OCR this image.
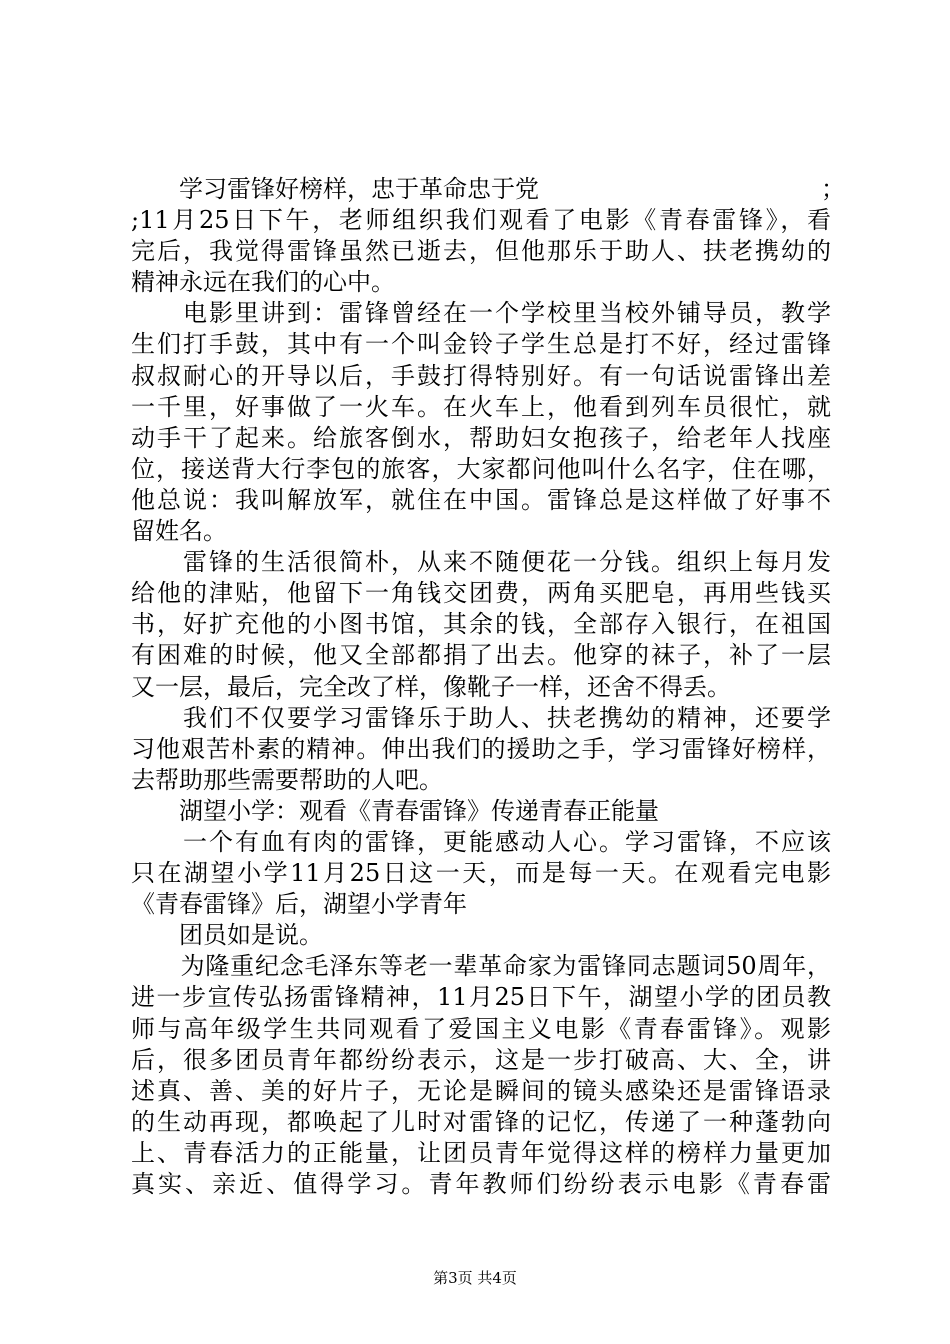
　　学习雷锋好榜样，忠于革命忠于党	；
;11月25日下午，老师组织我们观看了电影《青春雷锋》，看
完后，我觉得雷锋虽然已逝去，但他那乐于助人、扶老携幼的
精神永远在我们的心中。
　　电影里讲到：雷锋曾经在一个学校里当校外铺导员，教学
生们打手鼓，其中有一个叫金铃子学生总是打不好，经过雷锋
叔叔耐心的开导以后，手鼓打得特别好。有一句话说雷锋出差
一千里，好事做了一火车。在火车上，他看到列车员很忙，就
动手干了起来。给旅客倒水，帮助妇女抱孩子，给老年人找座
位，接送背大行李包的旅客，大家都问他叫什么名字，住在哪，
他总说：我叫解放军，就住在中国。雷锋总是这样做了好事不
留姓名。
　　雷锋的生活很简朴，从来不随便花一分钱。组织上每月发
给他的津贴，他留下一角钱交团费，两角买肥皂，再用些钱买
书，好扩充他的小图书馆，其余的钱，全部存入银行，在祖国
有困难的时候，他又全部都捐了出去。他穿的袜子，补了一层
又一层，最后，完全改了样，像靴子一样，还舍不得丢。
　　我们不仅要学习雷锋乐于助人、扶老携幼的精神，还要学
习他艰苦朴素的精神。伸出我们的援助之手，学习雷锋好榜样，
去帮助那些需要帮助的人吧。
　　湖望小学：观看《青春雷锋》传递青春正能量
　　一个有血有肉的雷锋，更能感动人心。学习雷锋，不应该
只在湖望小学11月25日这一天，而是每一天。在观看完电影
《青春雷锋》后，湖望小学青年
　　团员如是说。
　　为隆重纪念毛泽东等老一辈革命家为雷锋同志题词50周年，
进一步宣传弘扬雷锋精神，11月25日下午，湖望小学的团员教
师与高年级学生共同观看了爱国主义电影《青春雷锋》。观影
后，很多团员青年都纷纷表示，这是一步打破高、大、全，讲
述真、善、美的好片子，无论是瞬间的镜头感染还是雷锋语录
的生动再现，都唤起了儿时对雷锋的记忆，传递了一种蓬勃向
上、青春活力的正能量，让团员青年觉得这样的榜样力量更加
真实、亲近、值得学习。青年教师们纷纷表示电影《青春雷
第3页 共4页
